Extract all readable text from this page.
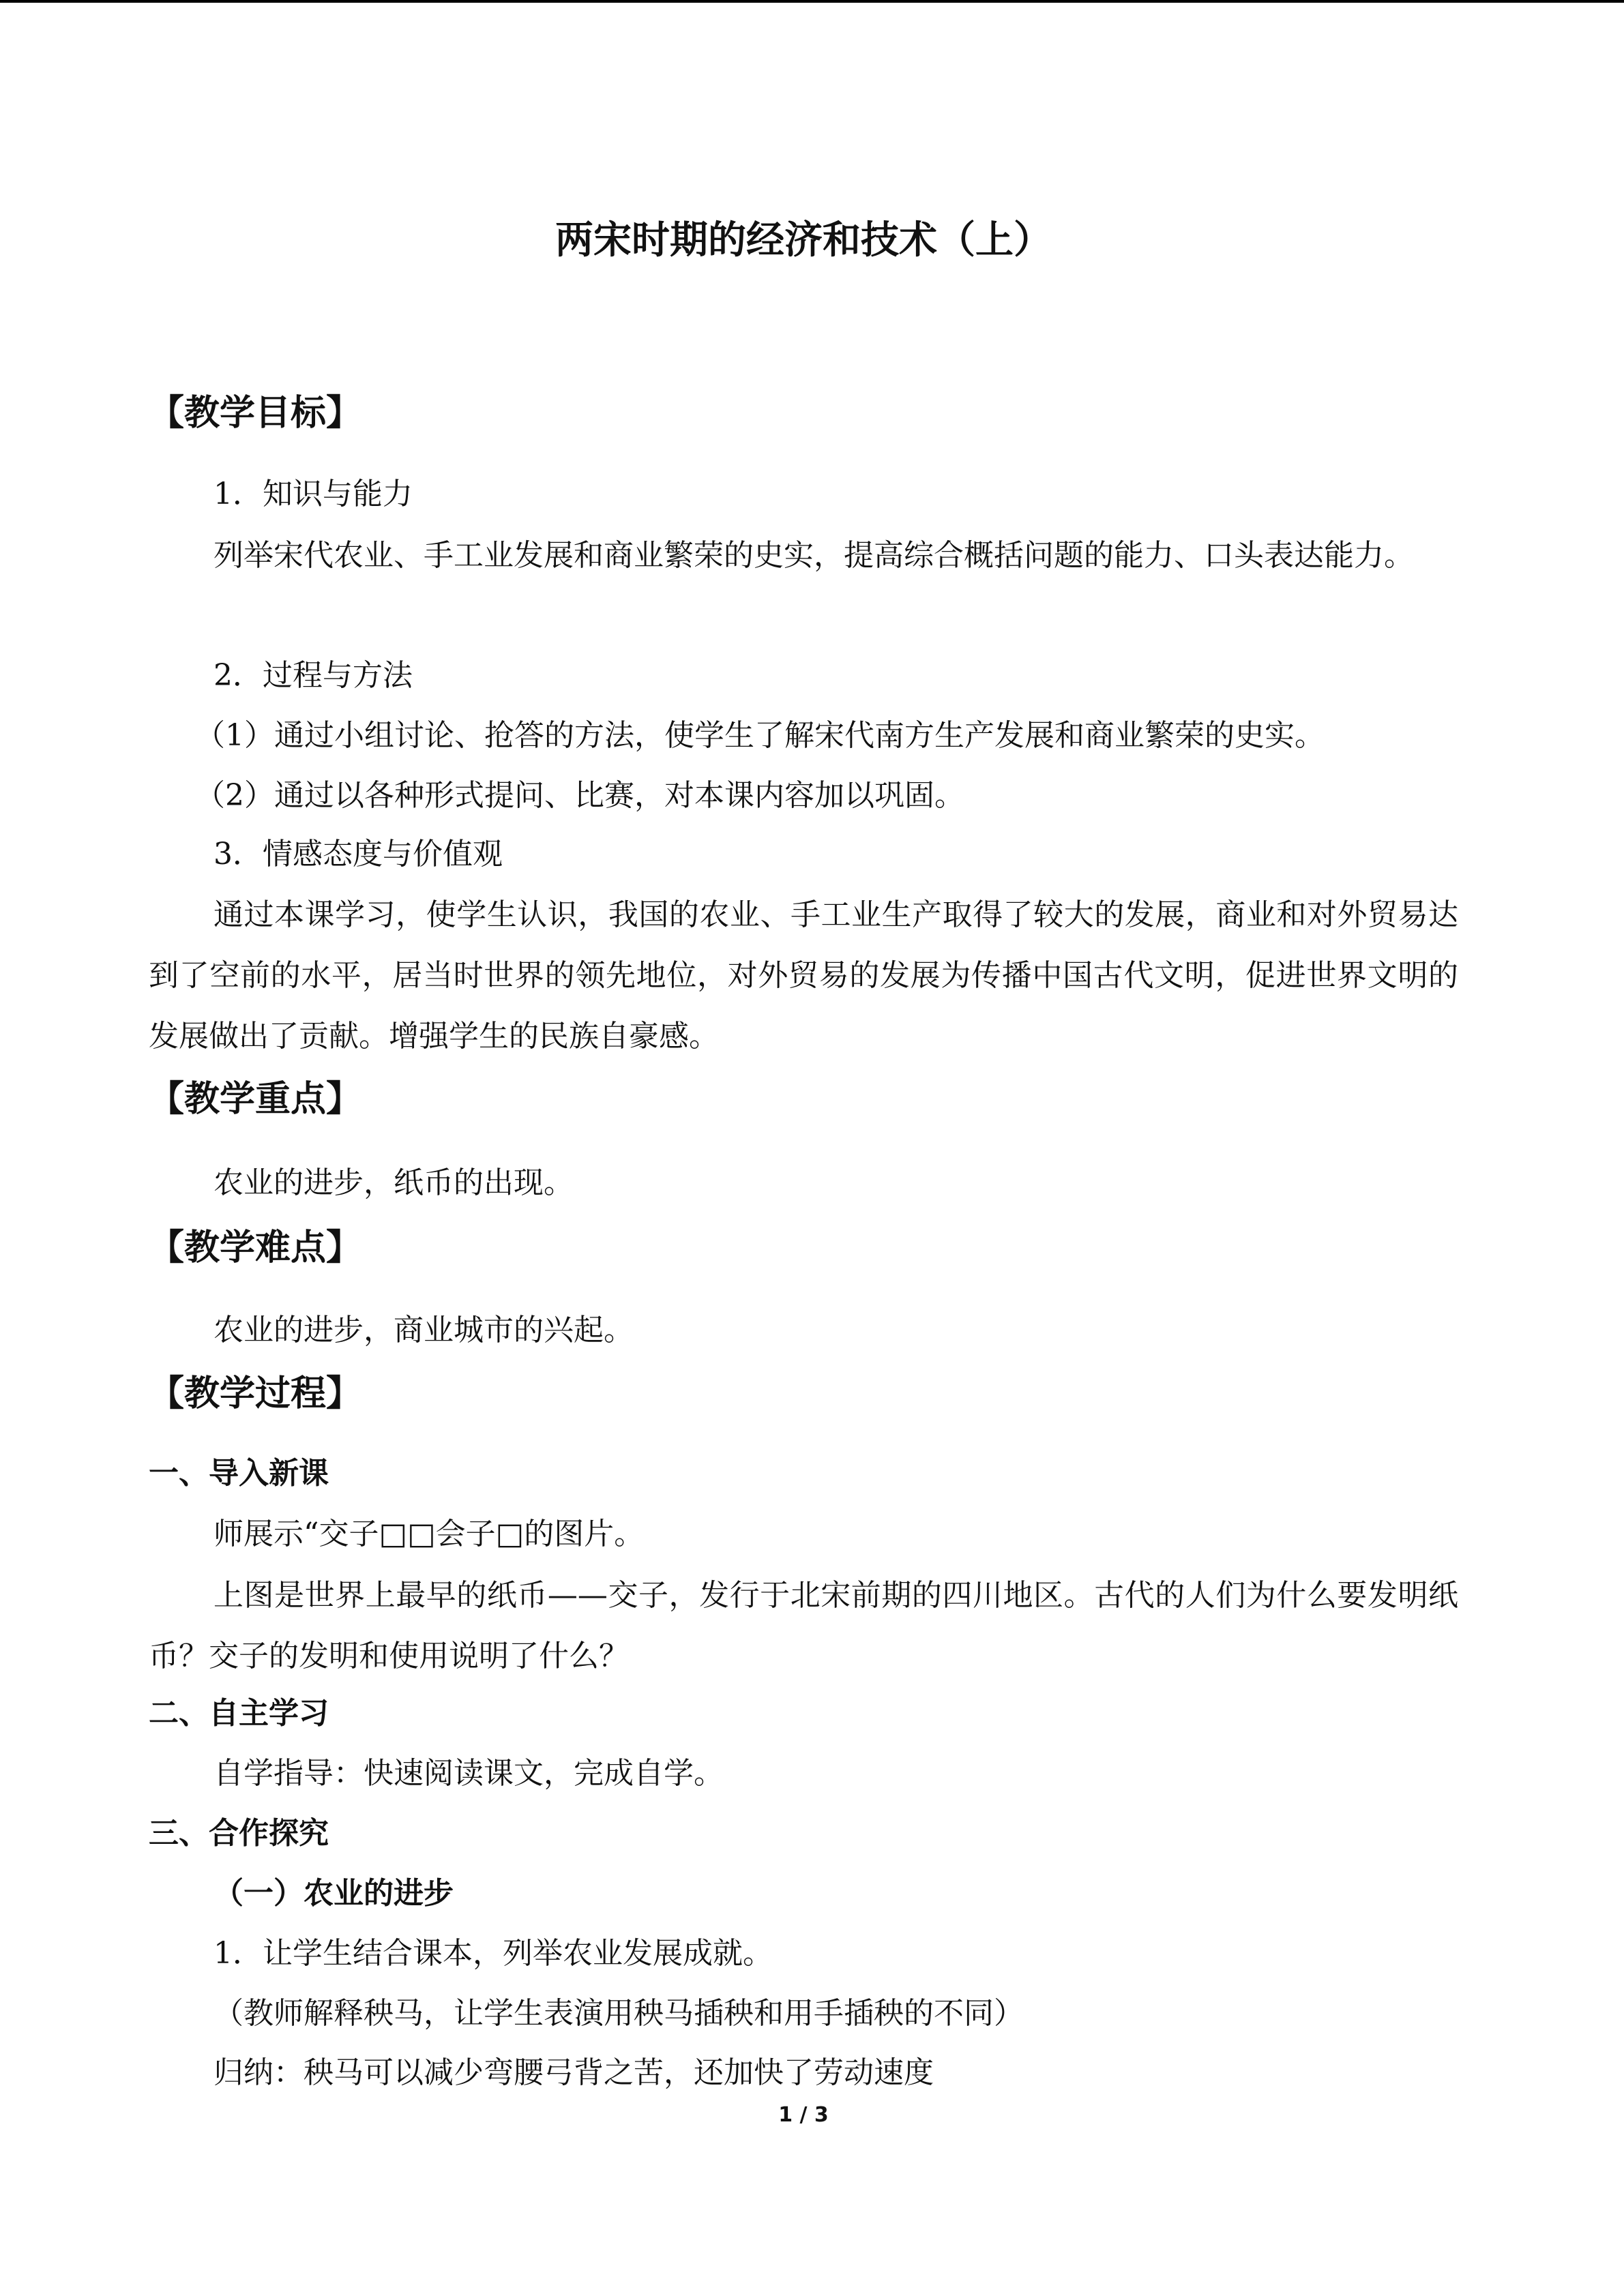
两宋时期的经济和技术（上）
【教学目标】

1．知识与能力

列举宋代农业、手工业发展和商业繁荣的史实，提高综合概括问题的能力、口头表达能力。

2．过程与方法

（1）通过小组讨论、抢答的方法，使学生了解宋代南方生产发展和商业繁荣的史实。

（2）通过以各种形式提问、比赛，对本课内容加以巩固。

3．情感态度与价值观

通过本课学习，使学生认识，我国的农业、手工业生产取得了较大的发展，商业和对外贸易达到了空前的水平，居当时世界的领先地位，对外贸易的发展为传播中国古代文明，促进世界文明的发展做出了贡献。增强学生的民族自豪感。

【教学重点】

农业的进步，纸币的出现。

【教学难点】

农业的进步，商业城市的兴起。

【教学过程】
一、导入新课

师展示“交子□□会子□的图片。

上图是世界上最早的纸币——交子，发行于北宋前期的四川地区。古代的人们为什么要发明纸币？交子的发明和使用说明了什么？

二、自主学习

自学指导：快速阅读课文，完成自学。

三、合作探究
（一）农业的进步

1．让学生结合课本，列举农业发展成就。

（教师解释秧马，让学生表演用秧马插秧和用手插秧的不同）

归纳：秧马可以减少弯腰弓背之苦，还加快了劳动速度

1 / 3
